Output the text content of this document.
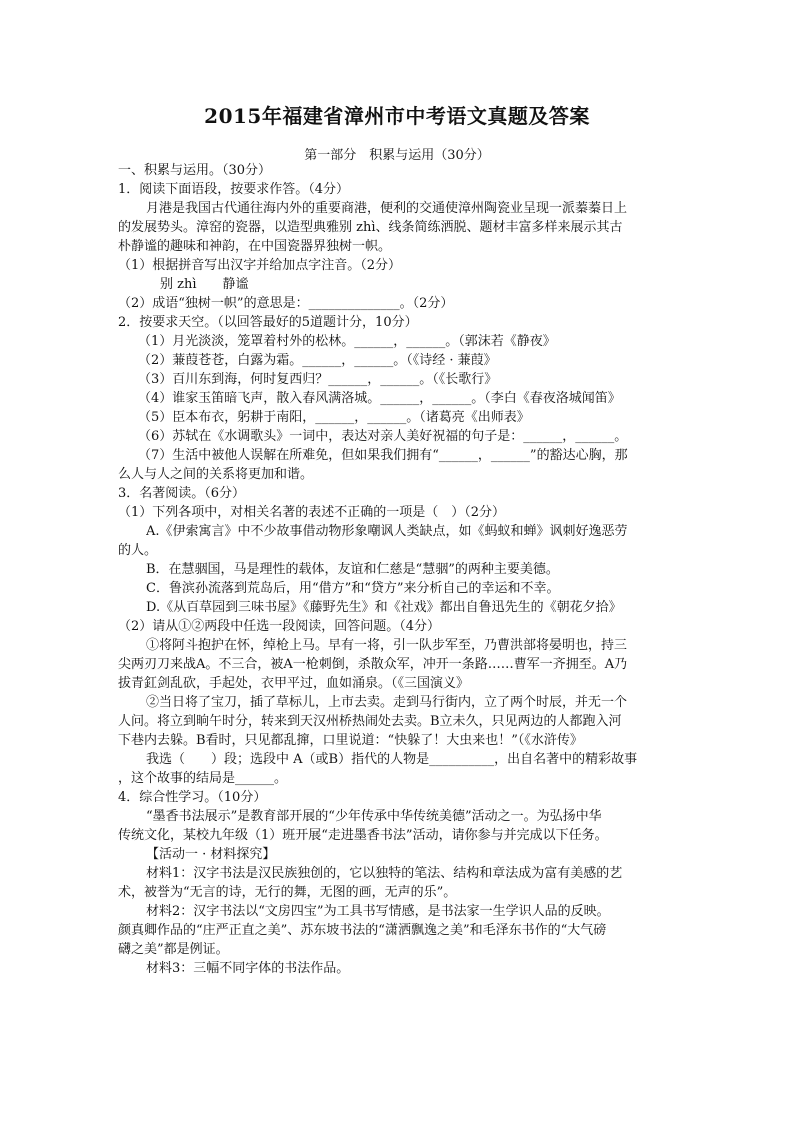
2015年福建省漳州市中考语文真题及答案
第一部分　积累与运用（30分）
一、积累与运用。（30分）
1．阅读下面语段，按要求作答。（4分）
月港是我国古代通往海内外的重要商港，便利的交通使漳州陶瓷业呈现一派蓁蓁日上
的发展势头。漳窑的瓷器，以造型典雅别 zhì、线条简练洒脱、题材丰富多样来展示其古
朴静谧的趣味和神韵，在中国瓷器界独树一帜。
（1）根据拼音写出汉字并给加点字注音。（2分）
别 zhì　　静谧
（2）成语“独树一帜”的意思是：______________。（2分）
2．按要求天空。（以回答最好的5道题计分，10分）
（1）月光淡淡，笼罩着村外的松林。______，______。（郭沫若《静夜》
（2）蒹葭苍苍，白露为霜。______，______。（《诗经 · 蒹葭》
（3）百川东到海，何时复西归？______，______。（《长歌行》
（4）谁家玉笛暗飞声，散入春风满洛城。______，______。（李白《春夜洛城闻笛》
（5）臣本布衣，躬耕于南阳，______，______。（诸葛亮《出师表》
（6）苏轼在《水调歌头》一词中，表达对亲人美好祝福的句子是：______，______。
（7）生活中被他人误解在所难免，但如果我们拥有“______，______”的豁达心胸，那
么人与人之间的关系将更加和谐。
3．名著阅读。（6分）
（1）下列各项中，对相关名著的表述不正确的一项是（　）（2分）
A.《伊索寓言》中不少故事借动物形象嘲讽人类缺点，如《蚂蚁和蝉》讽刺好逸恶劳
的人。
B．在慧骃国，马是理性的载体，友谊和仁慈是“慧骃”的两种主要美德。
C．鲁滨孙流落到荒岛后，用“借方”和“贷方”来分析自己的幸运和不幸。
D.《从百草园到三味书屋》《藤野先生》和《社戏》都出自鲁迅先生的《朝花夕拾》
（2）请从①②两段中任选一段阅读，回答问题。（4分）
①将阿斗抱护在怀，绰枪上马。早有一将，引一队步军至，乃曹洪部将晏明也，持三
尖两刃刀来战A。不三合，被A一枪刺倒，杀散众军，冲开一条路……曹军一齐拥至。A乃
拔青釭剑乱砍，手起处，衣甲平过，血如涌泉。（《三国演义》
②当日将了宝刀，插了草标儿，上市去卖。走到马行街内，立了两个时辰，并无一个
人问。将立到晌午时分，转来到天汉州桥热闹处去卖。B立未久，只见两边的人都跑入河
下巷内去躲。B看时，只见都乱撺，口里说道：“快躲了！大虫来也！”（《水浒传》
我选（　　）段；选段中 A（或B）指代的人物是__________，出自名著中的精彩故事
，这个故事的结局是______。
4．综合性学习。（10分）
“墨香书法展示”是教育部开展的“少年传承中华传统美德”活动之一。为弘扬中华
传统文化，某校九年级（1）班开展“走进墨香书法”活动，请你参与并完成以下任务。
【活动一 · 材料探究】
材料1：汉字书法是汉民族独创的，它以独特的笔法、结构和章法成为富有美感的艺
术，被誉为“无言的诗，无行的舞，无图的画，无声的乐”。
材料2：汉字书法以“文房四宝”为工具书写情感，是书法家一生学识人品的反映。
颜真卿作品的“庄严正直之美”、苏东坡书法的“潇洒飘逸之美”和毛泽东书作的“大气磅
礴之美”都是例证。
材料3：三幅不同字体的书法作品。
